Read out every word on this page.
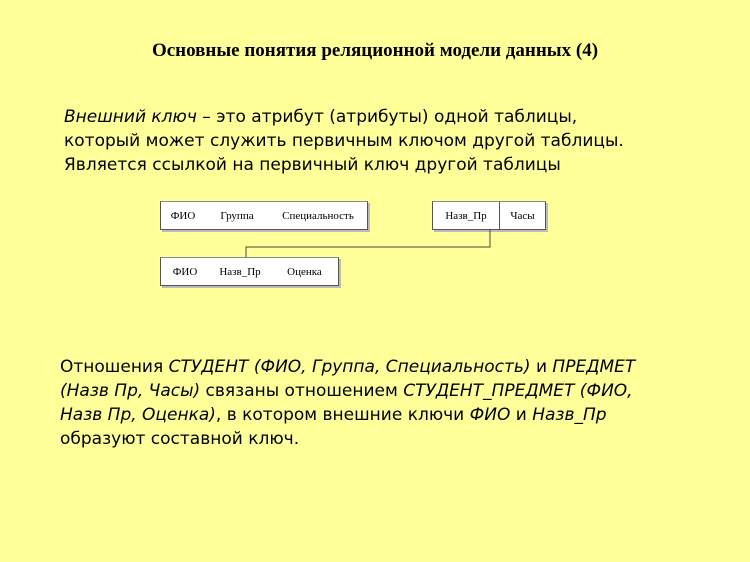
Основные понятия реляционной модели данных (4)
Внешний ключ – это атрибут (атрибуты) одной таблицы,
который может служить первичным ключом другой таблицы.
Является ссылкой на первичный ключ другой таблицы
ФИО	Группа	Специальность	Назв_Пр	Часы
ФИО	Назв_Пр	Оценка
Отношения СТУДЕНТ (ФИО, Группа, Специальность) и ПРЕДМЕТ
(Назв Пр, Часы) связаны отношением СТУДЕНТ_ПРЕДМЕТ (ФИО,
Назв Пр, Оценка), в котором внешние ключи ФИО и Назв_Пр
образуют составной ключ.
